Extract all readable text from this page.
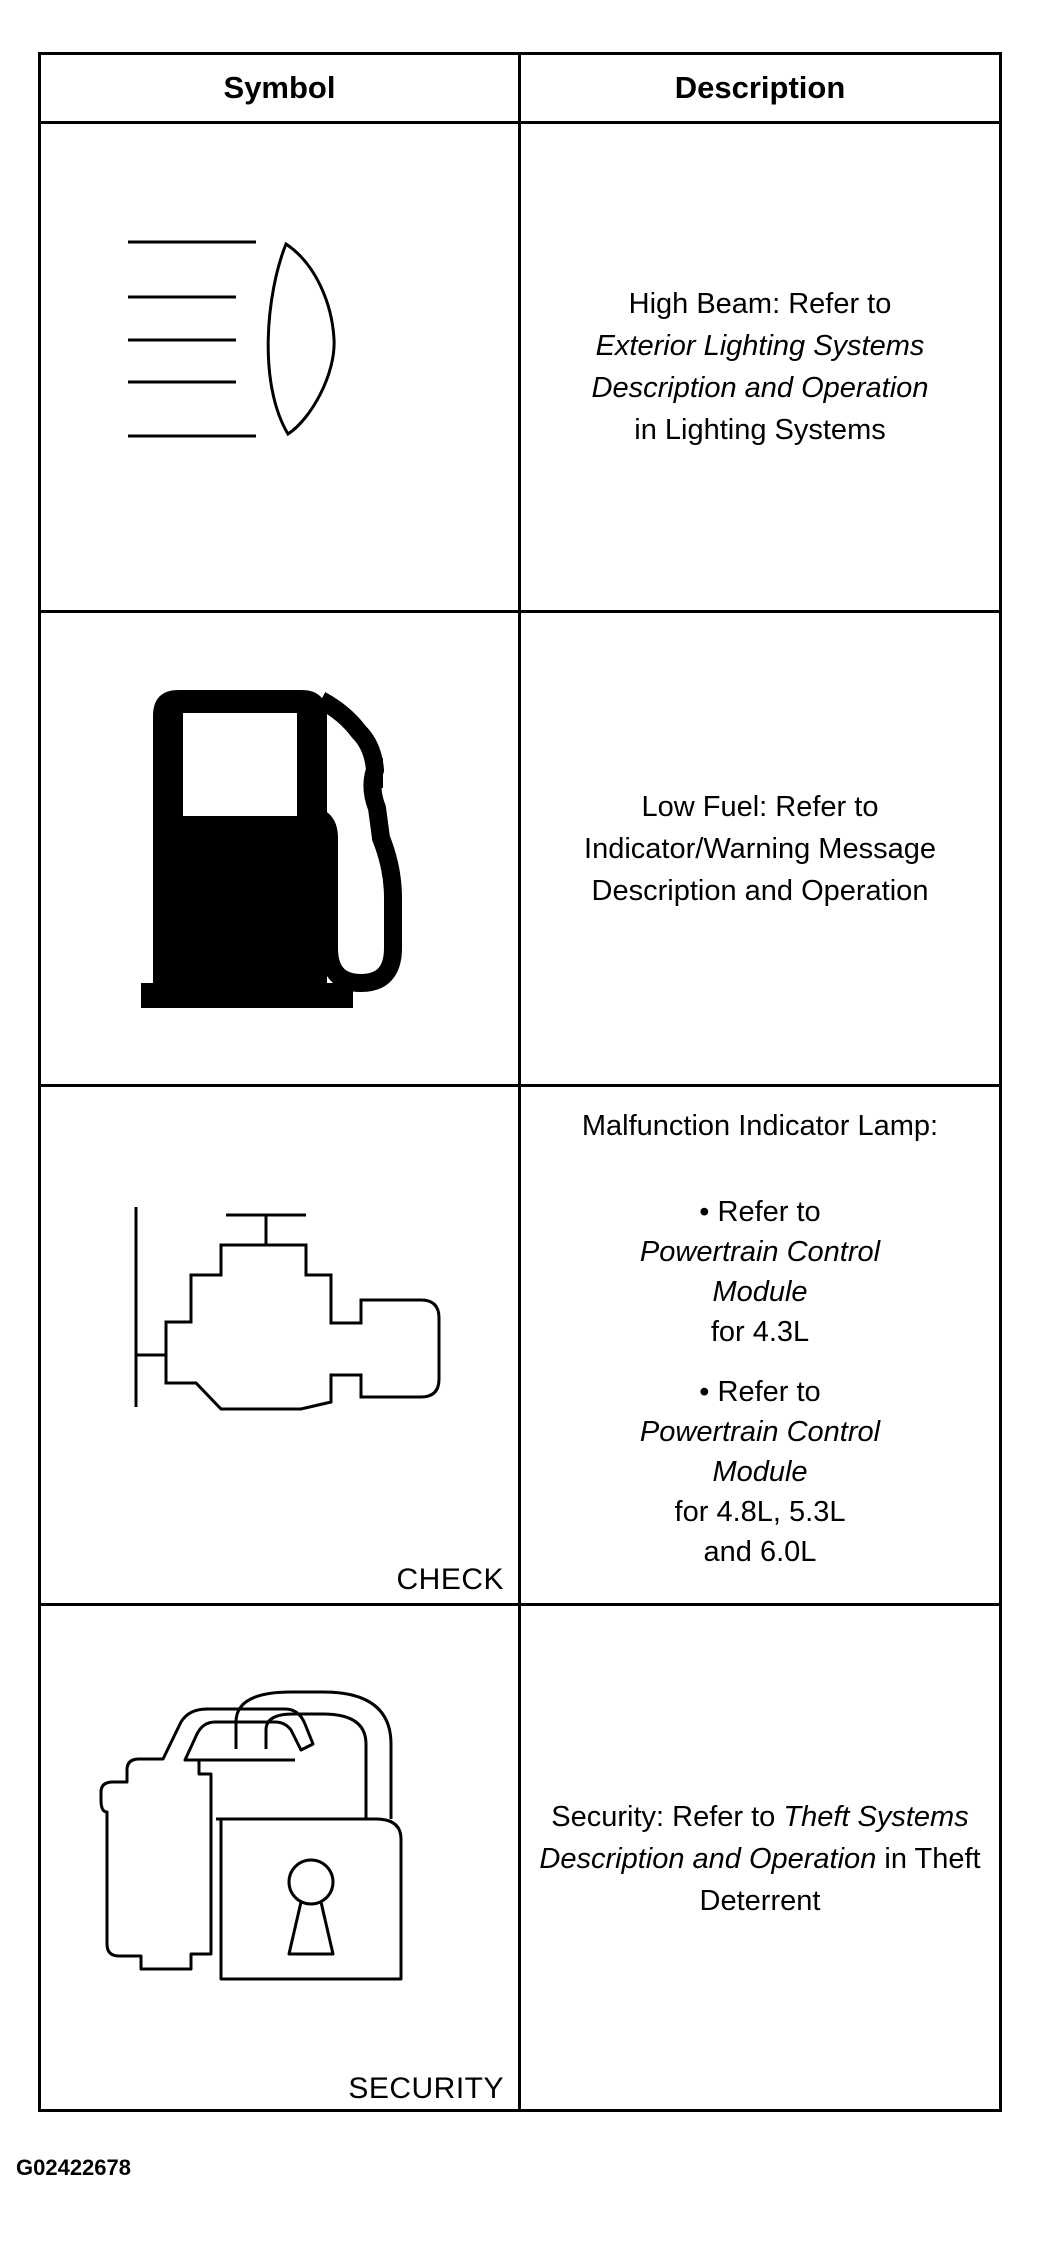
Symbol	Description
High Beam: Refer to
Exterior Lighting Systems Description and Operation
in Lighting Systems
Low Fuel: Refer to
Indicator/Warning Message
Description and Operation
CHECK
Malfunction Indicator Lamp:
• Refer to
Powertrain Control Module
for 4.3L
• Refer to
Powertrain Control Module
for 4.8L, 5.3L and 6.0L
SECURITY
Security: Refer to Theft Systems Description and Operation in Theft Deterrent
G02422678
